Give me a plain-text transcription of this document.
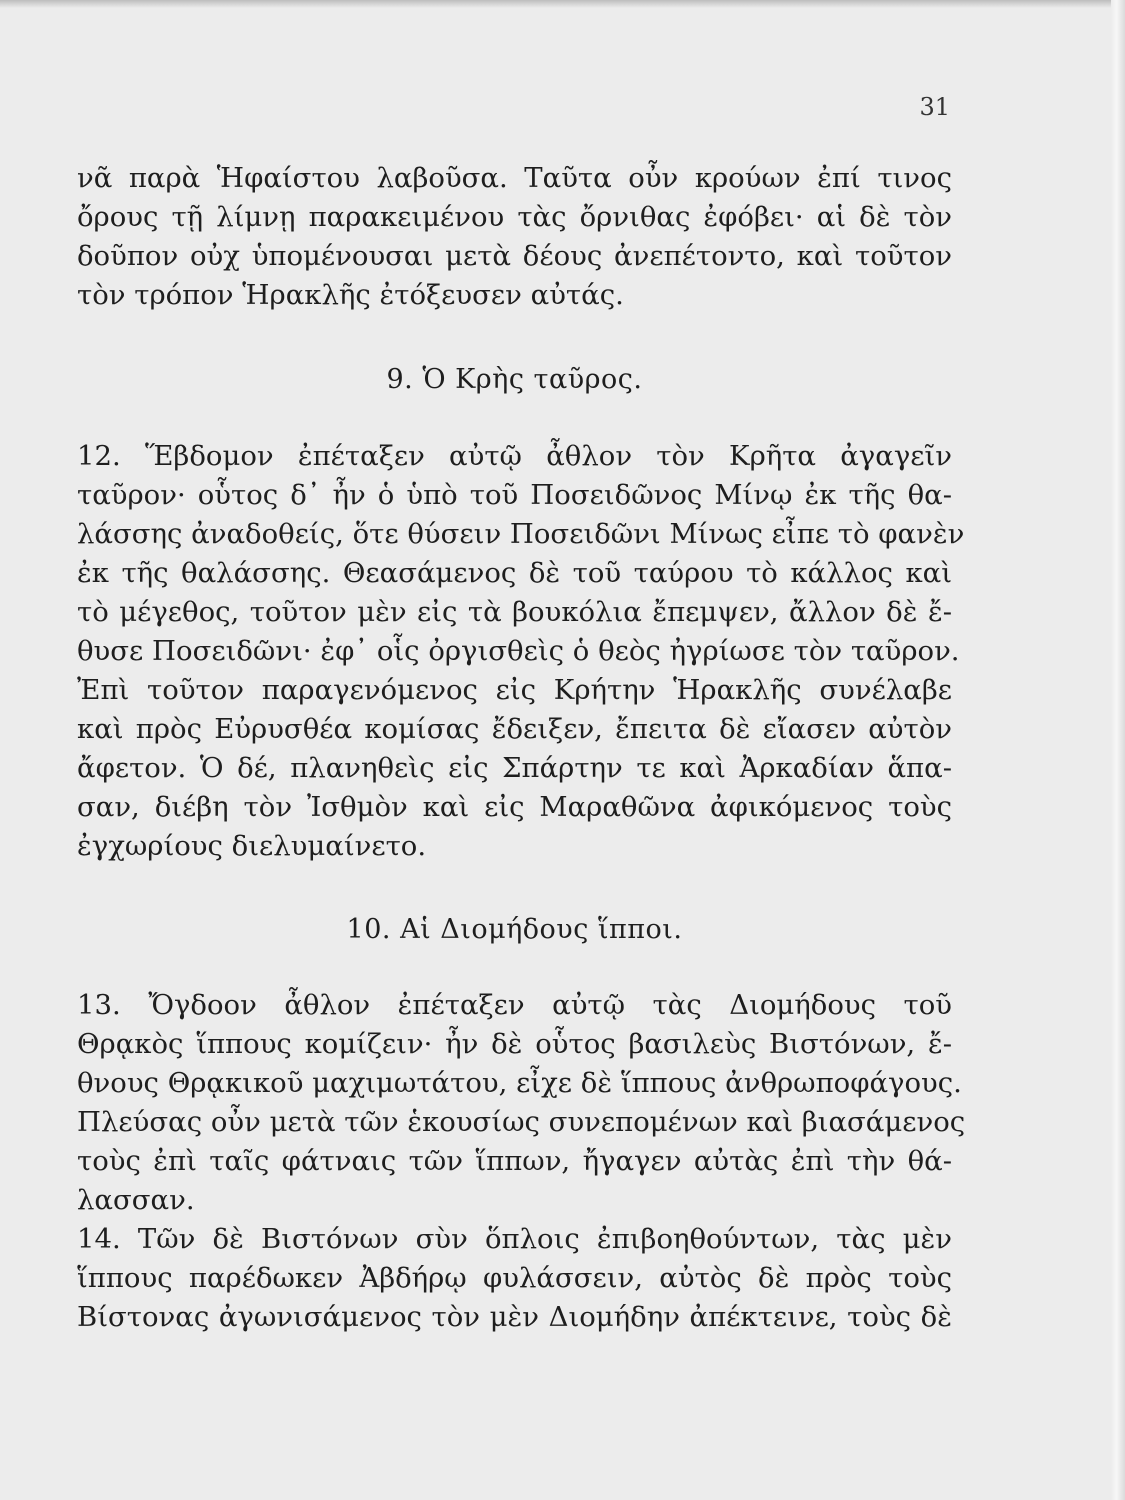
31
νᾶ παρὰ Ἡφαίστου λαβοῦσα. Ταῦτα οὖν κρούων ἐπί τινος
ὄρους τῇ λίμνῃ παρακειμένου τὰς ὄρνιθας ἐφόβει· αἱ δὲ τὸν
δοῦπον οὐχ ὑπομένουσαι μετὰ δέους ἀνεπέτοντο, καὶ τοῦτον
τὸν τρόπον Ἡρακλῆς ἐτόξευσεν αὐτάς.
9. Ὁ Κρὴς ταῦρος.
12. Ἕβδομον ἐπέταξεν αὐτῷ ἆθλον τὸν Κρῆτα ἀγαγεῖν
ταῦρον· οὗτος δ᾽ ἦν ὁ ὑπὸ τοῦ Ποσειδῶνος Μίνῳ ἐκ τῆς θα-
λάσσης ἀναδοθείς, ὅτε θύσειν Ποσειδῶνι Μίνως εἶπε τὸ φανὲν
ἐκ τῆς θαλάσσης. Θεασάμενος δὲ τοῦ ταύρου τὸ κάλλος καὶ
τὸ μέγεθος, τοῦτον μὲν εἰς τὰ βουκόλια ἔπεμψεν, ἄλλον δὲ ἔ-
θυσε Ποσειδῶνι· ἐφ᾽ οἷς ὀργισθεὶς ὁ θεὸς ἠγρίωσε τὸν ταῦρον.
Ἐπὶ τοῦτον παραγενόμενος εἰς Κρήτην Ἡρακλῆς συνέλαβε
καὶ πρὸς Εὐρυσθέα κομίσας ἔδειξεν, ἔπειτα δὲ εἴασεν αὐτὸν
ἄφετον. Ὁ δέ, πλανηθεὶς εἰς Σπάρτην τε καὶ Ἀρκαδίαν ἅπα-
σαν, διέβη τὸν Ἰσθμὸν καὶ εἰς Μαραθῶνα ἀφικόμενος τοὺς
ἐγχωρίους διελυμαίνετο.
10. Αἱ Διομήδους ἵπποι.
13. Ὄγδοον ἆθλον ἐπέταξεν αὐτῷ τὰς Διομήδους τοῦ
Θρᾳκὸς ἵππους κομίζειν· ἦν δὲ οὗτος βασιλεὺς Βιστόνων, ἔ-
θνους Θρᾳκικοῦ μαχιμωτάτου, εἶχε δὲ ἵππους ἀνθρωποφάγους.
Πλεύσας οὖν μετὰ τῶν ἑκουσίως συνεπομένων καὶ βιασάμενος
τοὺς ἐπὶ ταῖς φάτναις τῶν ἵππων, ἤγαγεν αὐτὰς ἐπὶ τὴν θά-
λασσαν.
14. Τῶν δὲ Βιστόνων σὺν ὅπλοις ἐπιβοηθούντων, τὰς μὲν
ἵππους παρέδωκεν Ἀβδήρῳ φυλάσσειν, αὐτὸς δὲ πρὸς τοὺς
Βίστονας ἀγωνισάμενος τὸν μὲν Διομήδην ἀπέκτεινε, τοὺς δὲ
